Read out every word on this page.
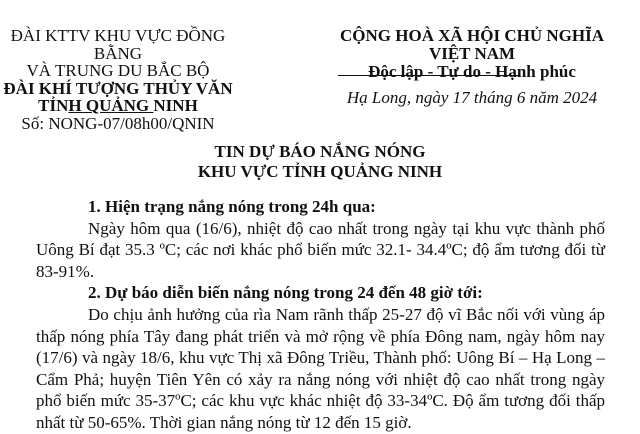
ĐÀI KTTV KHU VỰC ĐỒNG BẰNG
VÀ TRUNG DU BẮC BỘ
ĐÀI KHÍ TƯỢNG THỦY VĂN
TỈNH QUẢNG NINH
Số: NONG-07/08h00/QNIN
CỘNG HOÀ XÃ HỘI CHỦ NGHĨA VIỆT NAM
Độc lập - Tự do - Hạnh phúc
Hạ Long, ngày 17 tháng 6 năm 2024
TIN DỰ BÁO NẮNG NÓNG
KHU VỰC TỈNH QUẢNG NINH
1. Hiện trạng nắng nóng trong 24h qua:

Ngày hôm qua (16/6), nhiệt độ cao nhất trong ngày tại khu vực thành phố Uông Bí đạt 35.3 ºC; các nơi khác phổ biến mức 32.1- 34.4ºC; độ ẩm tương đối từ 83-91%.

2. Dự báo diễn biến nắng nóng trong 24 đến 48 giờ tới:

Do chịu ảnh hưởng của rìa Nam rãnh thấp 25-27 độ vĩ Bắc nối với vùng áp thấp nóng phía Tây đang phát triển và mở rộng về phía Đông nam, ngày hôm nay (17/6) và ngày 18/6, khu vực Thị xã Đông Triều, Thành phố: Uông Bí – Hạ Long – Cẩm Phả; huyện Tiên Yên có xảy ra nắng nóng với nhiệt độ cao nhất trong ngày phổ biến mức 35-37ºC; các khu vực khác nhiệt độ 33-34ºC. Độ ẩm tương đối thấp nhất từ 50-65%. Thời gian nắng nóng từ 12 đến 15 giờ.
